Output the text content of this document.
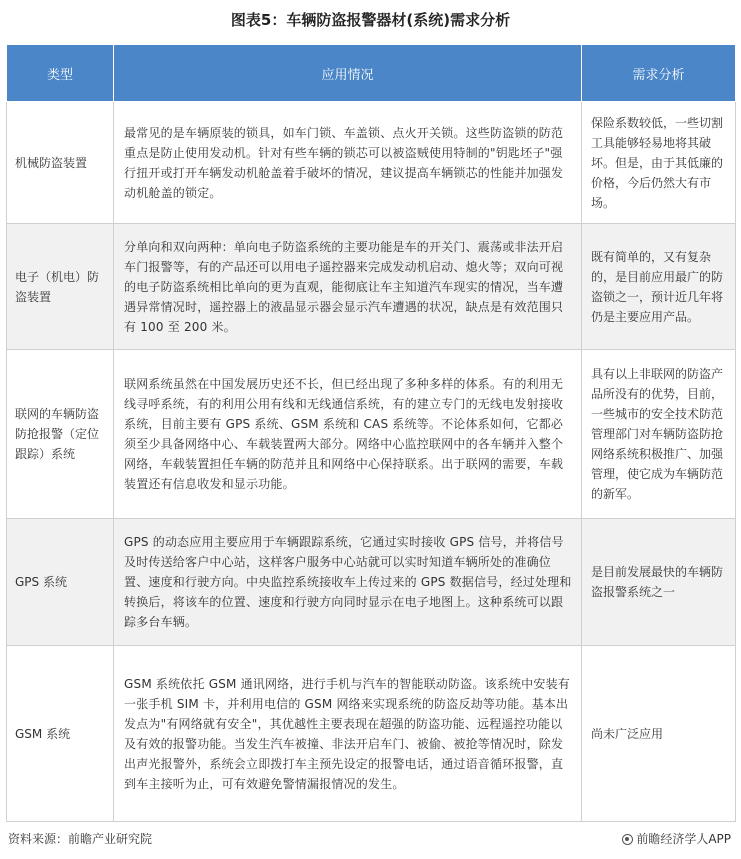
图表5：车辆防盗报警器材(系统)需求分析
类型	应用情况	需求分析
机械防盗装置	最常见的是车辆原装的锁具，如车门锁、车盖锁、点火开关锁。这些防盗锁的防范重点是防止使用发动机。针对有些车辆的锁芯可以被盗贼使用特制的"钥匙坯子"强行扭开或打开车辆发动机舱盖着手破坏的情况，建议提高车辆锁芯的性能并加强发动机舱盖的锁定。	保险系数较低，一些切割工具能够轻易地将其破坏。但是，由于其低廉的价格，今后仍然大有市场。
电子（机电）防盗装置	分单向和双向两种：单向电子防盗系统的主要功能是车的开关门、震荡或非法开启车门报警等，有的产品还可以用电子遥控器来完成发动机启动、熄火等；双向可视的电子防盗系统相比单向的更为直观，能彻底让车主知道汽车现实的情况，当车遭遇异常情况时，遥控器上的液晶显示器会显示汽车遭遇的状况，缺点是有效范围只有 100 至 200 米。	既有简单的，又有复杂的，是目前应用最广的防盗锁之一，预计近几年将仍是主要应用产品。
联网的车辆防盗防抢报警（定位跟踪）系统	联网系统虽然在中国发展历史还不长，但已经出现了多种多样的体系。有的利用无线寻呼系统，有的利用公用有线和无线通信系统，有的建立专门的无线电发射接收系统，目前主要有 GPS 系统、GSM 系统和 CAS 系统等。不论体系如何，它都必须至少具备网络中心、车载装置两大部分。网络中心监控联网中的各车辆并入整个网络，车载装置担任车辆的防范并且和网络中心保持联系。出于联网的需要，车载装置还有信息收发和显示功能。	具有以上非联网的防盗产品所没有的优势，目前，一些城市的安全技术防范管理部门对车辆防盗防抢网络系统积极推广、加强管理，使它成为车辆防范的新军。
GPS 系统	GPS 的动态应用主要应用于车辆跟踪系统，它通过实时接收 GPS 信号，并将信号及时传送给客户中心站，这样客户服务中心站就可以实时知道车辆所处的准确位置、速度和行驶方向。中央监控系统接收车上传过来的 GPS 数据信号，经过处理和转换后，将该车的位置、速度和行驶方向同时显示在电子地图上。这种系统可以跟踪多台车辆。	是目前发展最快的车辆防盗报警系统之一
GSM 系统	GSM 系统依托 GSM 通讯网络，进行手机与汽车的智能联动防盗。该系统中安装有一张手机 SIM 卡，并利用电信的 GSM 网络来实现系统的防盗反劫等功能。基本出发点为"有网络就有安全"，其优越性主要表现在超强的防盗功能、远程遥控功能以及有效的报警功能。当发生汽车被撞、非法开启车门、被偷、被抢等情况时，除发出声光报警外，系统会立即拨打车主预先设定的报警电话，通过语音循环报警，直到车主接听为止，可有效避免警情漏报情况的发生。	尚未广泛应用
资料来源：前瞻产业研究院	前瞻经济学人APP
